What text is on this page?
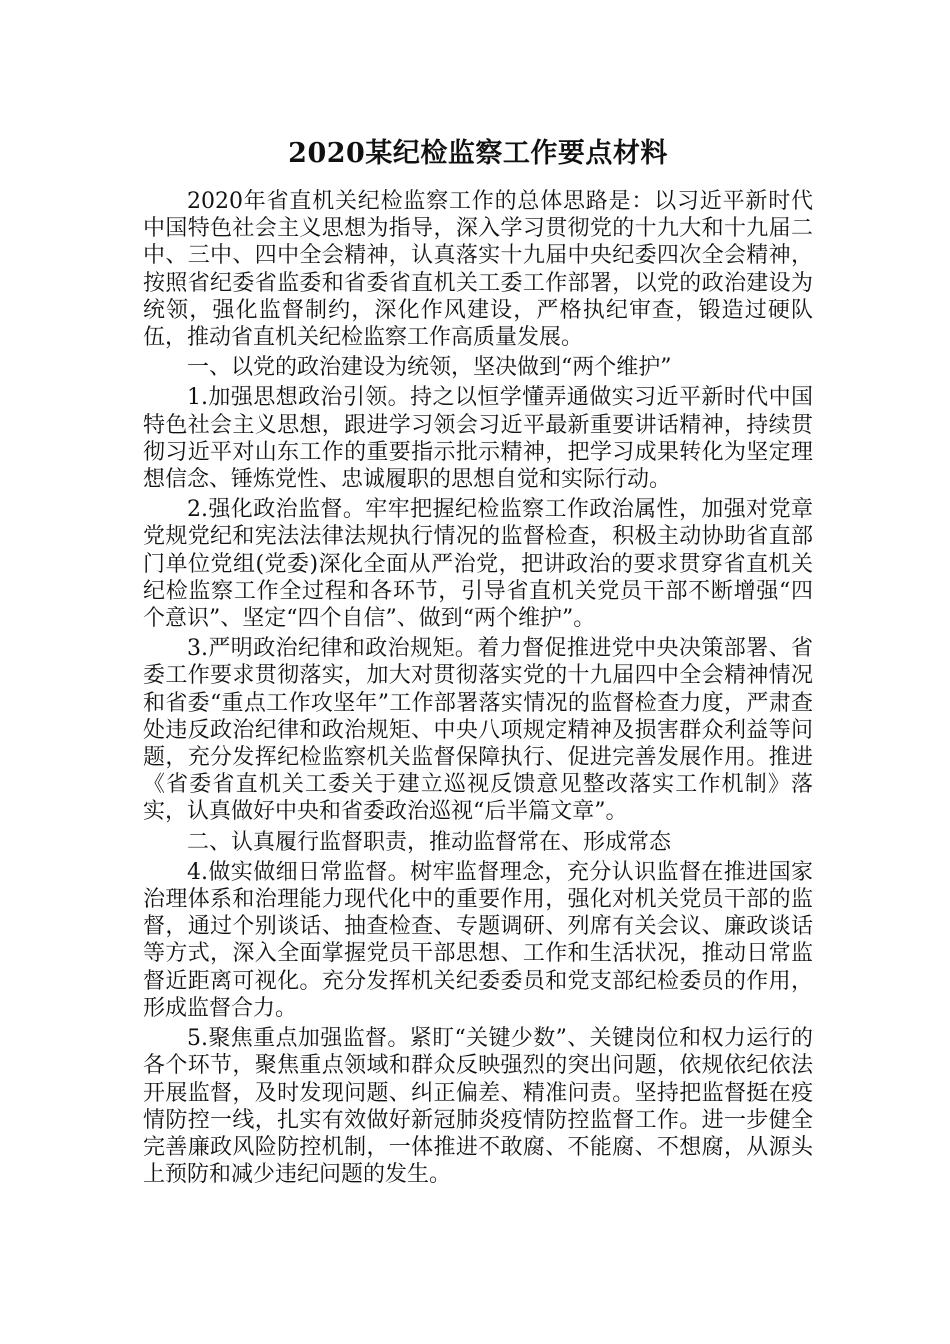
2020某纪检监察工作要点材料

2020年省直机关纪检监察工作的总体思路是：以习近平新时代中国特色社会主义思想为指导，深入学习贯彻党的十九大和十九届二中、三中、四中全会精神，认真落实十九届中央纪委四次全会精神，按照省纪委省监委和省委省直机关工委工作部署，以党的政治建设为统领，强化监督制约，深化作风建设，严格执纪审查，锻造过硬队伍，推动省直机关纪检监察工作高质量发展。

一、以党的政治建设为统领，坚决做到“两个维护”

1.加强思想政治引领。持之以恒学懂弄通做实习近平新时代中国特色社会主义思想，跟进学习领会习近平最新重要讲话精神，持续贯彻习近平对山东工作的重要指示批示精神，把学习成果转化为坚定理想信念、锤炼党性、忠诚履职的思想自觉和实际行动。

2.强化政治监督。牢牢把握纪检监察工作政治属性，加强对党章党规党纪和宪法法律法规执行情况的监督检查，积极主动协助省直部门单位党组(党委)深化全面从严治党，把讲政治的要求贯穿省直机关纪检监察工作全过程和各环节，引导省直机关党员干部不断增强“四个意识”、坚定“四个自信”、做到“两个维护”。

3.严明政治纪律和政治规矩。着力督促推进党中央决策部署、省委工作要求贯彻落实，加大对贯彻落实党的十九届四中全会精神情况和省委“重点工作攻坚年”工作部署落实情况的监督检查力度，严肃查处违反政治纪律和政治规矩、中央八项规定精神及损害群众利益等问题，充分发挥纪检监察机关监督保障执行、促进完善发展作用。推进《省委省直机关工委关于建立巡视反馈意见整改落实工作机制》落实，认真做好中央和省委政治巡视“后半篇文章”。

二、认真履行监督职责，推动监督常在、形成常态

4.做实做细日常监督。树牢监督理念，充分认识监督在推进国家治理体系和治理能力现代化中的重要作用，强化对机关党员干部的监督，通过个别谈话、抽查检查、专题调研、列席有关会议、廉政谈话等方式，深入全面掌握党员干部思想、工作和生活状况，推动日常监督近距离可视化。充分发挥机关纪委委员和党支部纪检委员的作用，形成监督合力。

5.聚焦重点加强监督。紧盯“关键少数”、关键岗位和权力运行的各个环节，聚焦重点领域和群众反映强烈的突出问题，依规依纪依法开展监督，及时发现问题、纠正偏差、精准问责。坚持把监督挺在疫情防控一线，扎实有效做好新冠肺炎疫情防控监督工作。进一步健全完善廉政风险防控机制，一体推进不敢腐、不能腐、不想腐，从源头上预防和减少违纪问题的发生。
